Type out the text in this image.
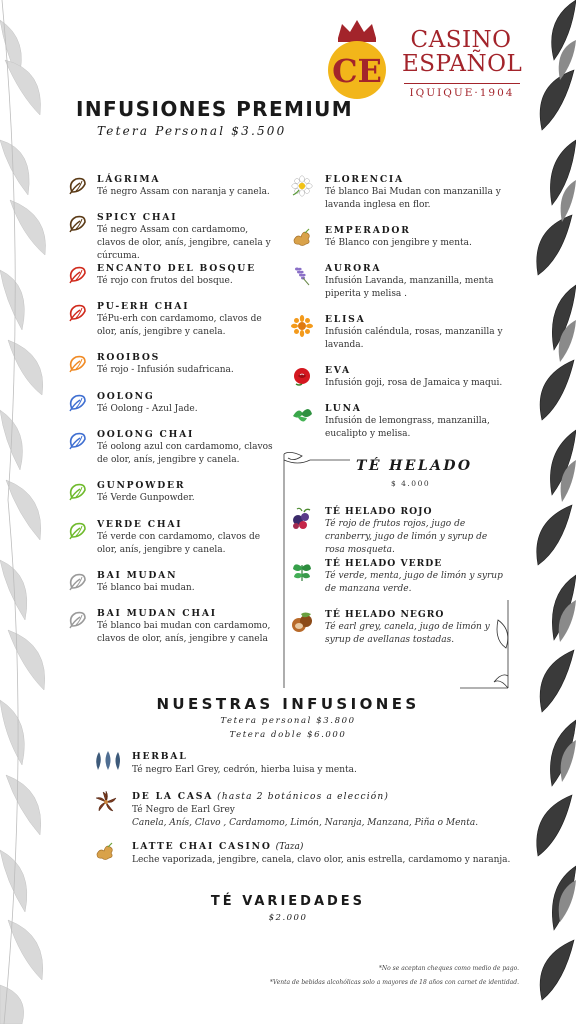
CE
CASINO
ESPAÑOL
IQUIQUE·1904
INFUSIONES PREMIUM
Tetera Personal $3.500
LÁGRIMA
Té negro Assam con naranja y canela.
SPICY CHAI
Té negro Assam con cardamomo, clavos de olor, anís, jengibre, canela y cúrcuma.
ENCANTO DEL BOSQUE
Té rojo con frutos del bosque.
PU-ERH CHAI
TéPu-erh con cardamomo, clavos de olor, anís, jengibre y canela.
ROOIBOS
Té rojo - Infusión sudafricana.
OOLONG
Té Oolong - Azul Jade.
OOLONG CHAI
Té oolong azul con cardamomo, clavos de olor, anís, jengibre y canela.
GUNPOWDER
Té Verde Gunpowder.
VERDE CHAI
Té verde con cardamomo, clavos de olor, anís, jengibre y canela.
BAI MUDAN
Té blanco bai mudan.
BAI MUDAN CHAI
Té blanco bai mudan con cardamomo, clavos de olor, anís, jengibre y canela
FLORENCIA
Té blanco Bai Mudan con manzanilla y lavanda inglesa en flor.
EMPERADOR
Té Blanco con jengibre y menta.
AURORA
Infusión Lavanda, manzanilla, menta piperita y melisa .
ELISA
Infusión caléndula, rosas, manzanilla y lavanda.
EVA
Infusión goji, rosa de Jamaica y maqui.
LUNA
Infusión de lemongrass, manzanilla, eucalipto y melisa.
TÉ HELADO
$ 4.000
TÉ HELADO ROJO
Té rojo de frutos rojos, jugo de cranberry, jugo de limón y syrup de rosa mosqueta.
TÉ HELADO VERDE
Té verde, menta, jugo de limón y syrup de manzana verde.
TÉ HELADO NEGRO
Té earl grey, canela, jugo de limón y syrup de avellanas tostadas.
NUESTRAS INFUSIONES
Tetera personal $3.800
Tetera doble $6.000
HERBAL
Té negro Earl Grey, cedrón, hierba luisa y menta.
DE LA CASA (hasta 2 botánicos a elección)
Té Negro de Earl Grey
Canela, Anís, Clavo , Cardamomo, Limón, Naranja, Manzana, Piña o Menta.
LATTE CHAI CASINO (Taza)
Leche vaporizada, jengibre, canela, clavo olor, anis estrella, cardamomo y naranja.
TÉ VARIEDADES
$2.000
*No se aceptan cheques como medio de pago.
*Venta de bebidas alcohólicas solo a mayores de 18 años con carnet de identidad.
